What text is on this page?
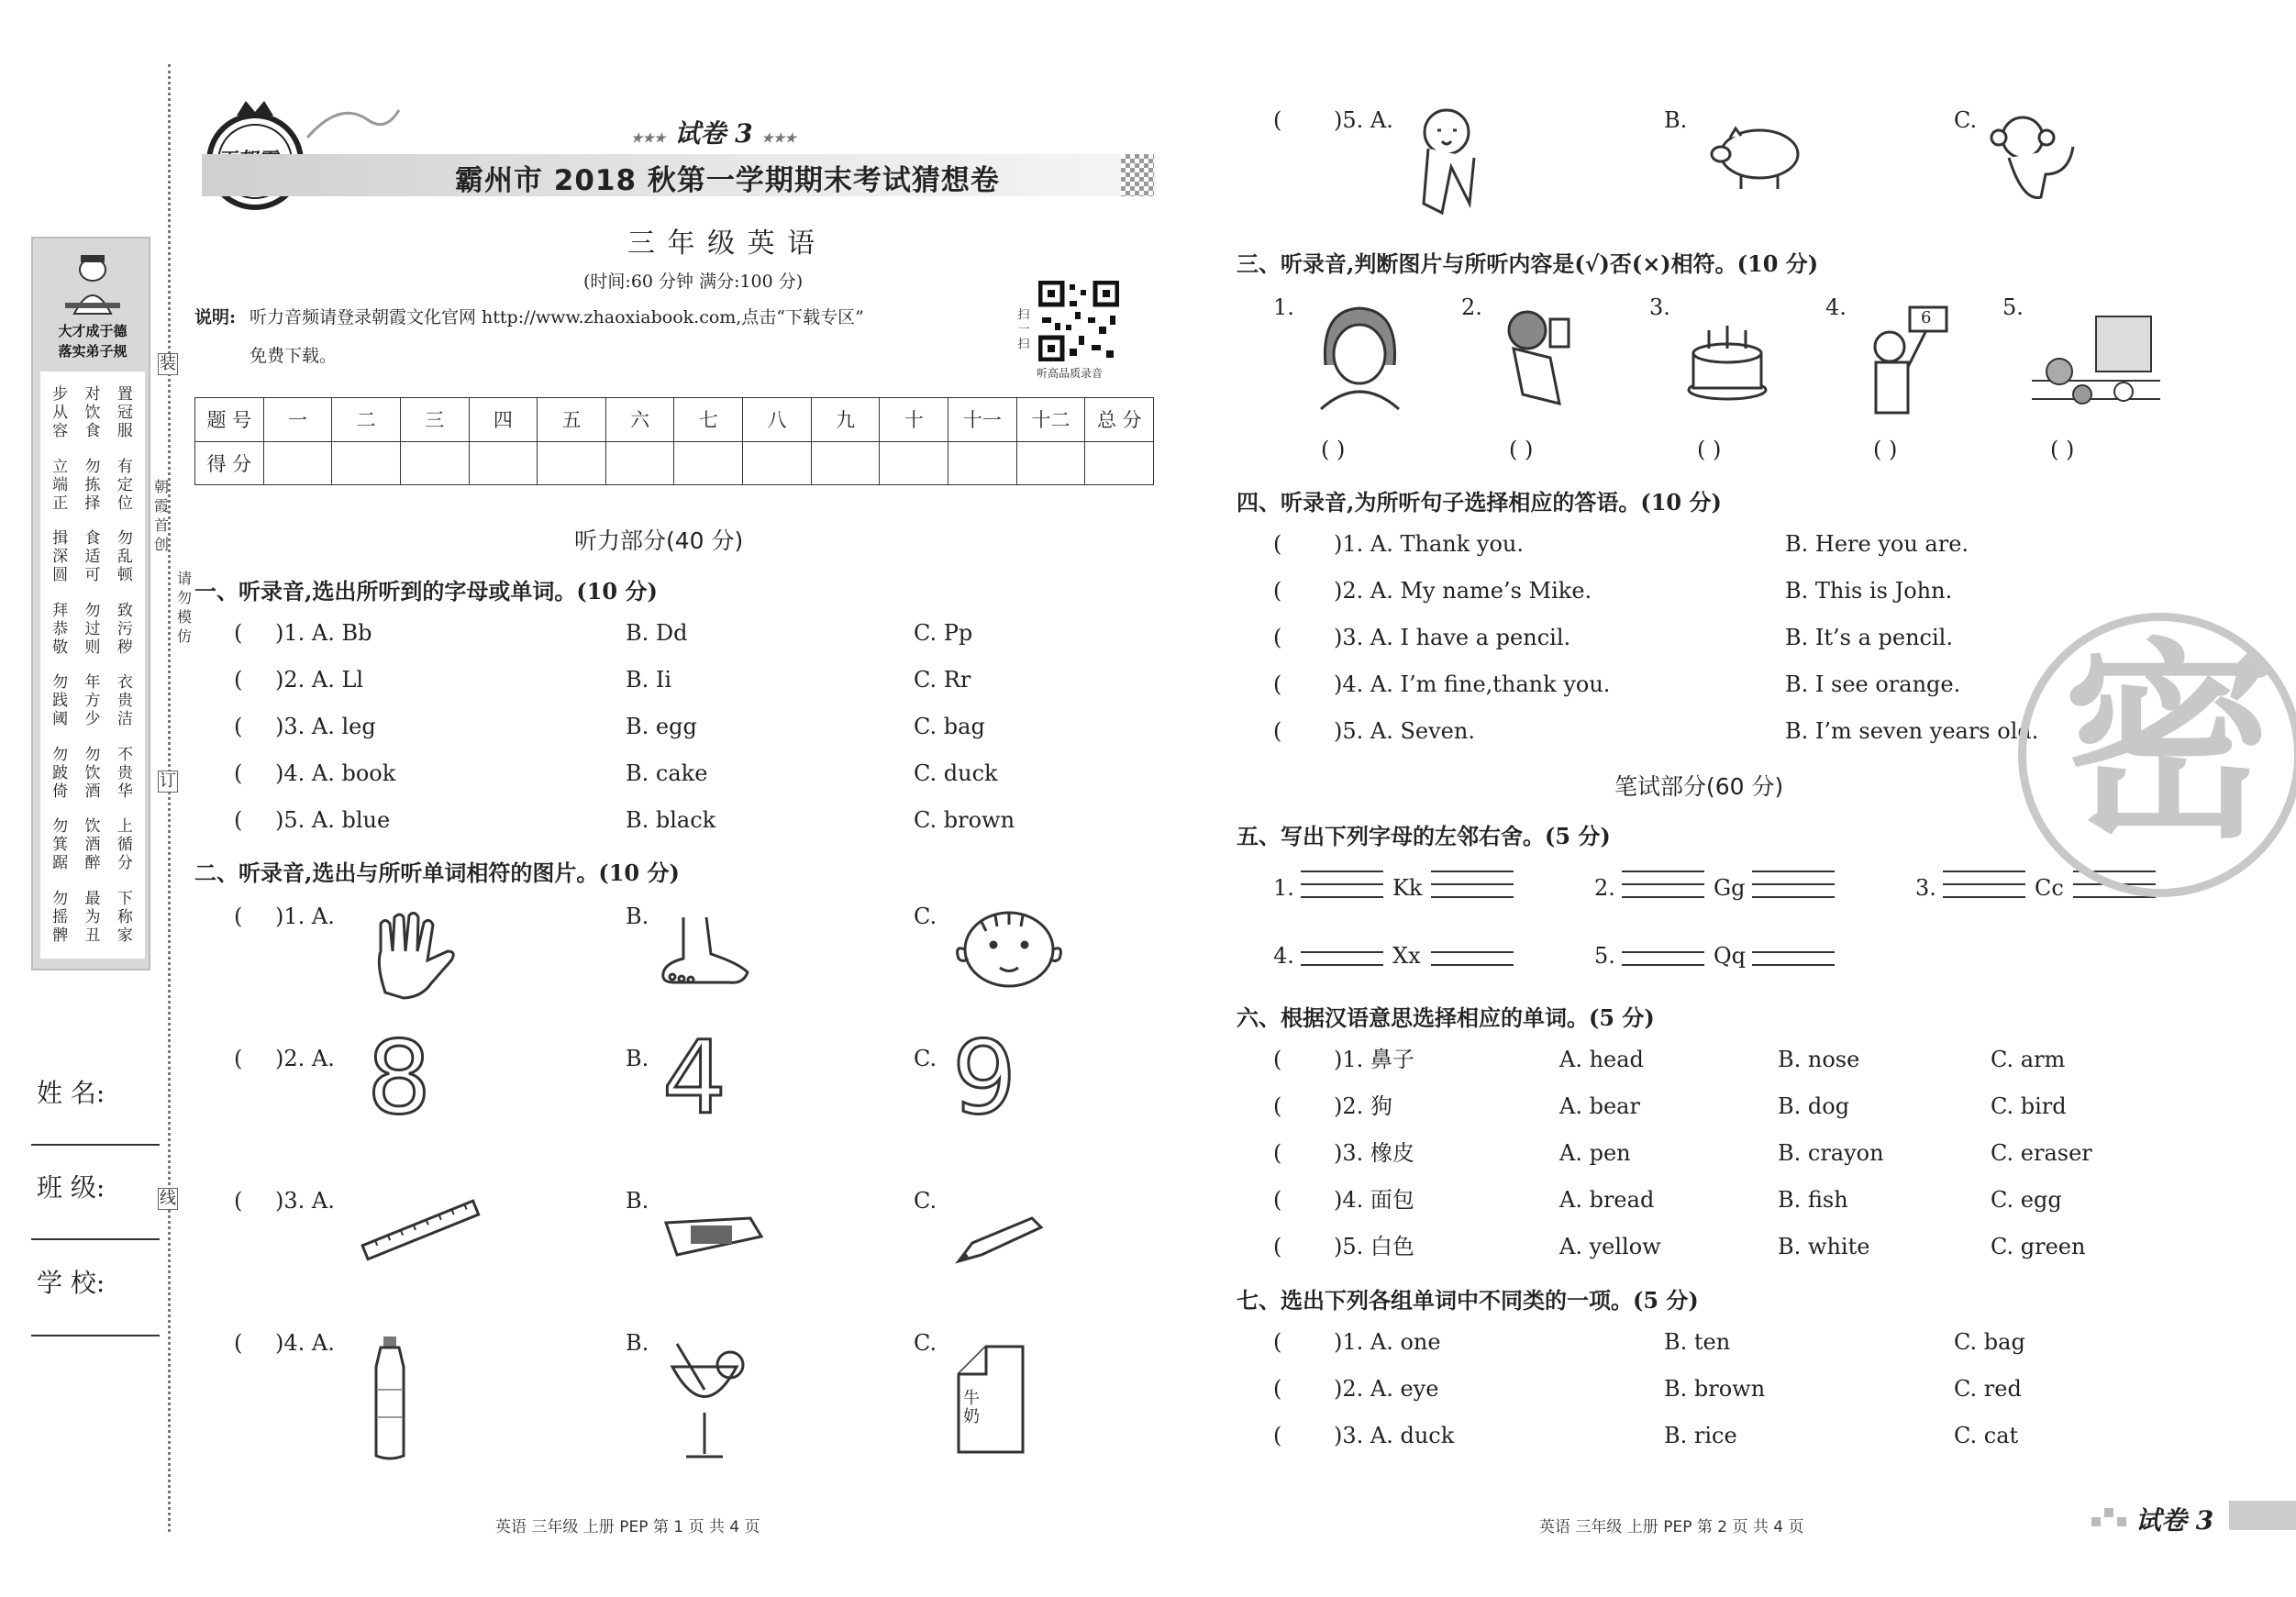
大才成于德
落实弟子规
步从容
对饮食
置冠服
立端正
勿拣择
有定位
揖深圆
食适可
勿乱顿
拜恭敬
勿过则
致污秽
勿践阈
年方少
衣贵洁
勿跛倚
勿饮酒
不贵华
勿箕踞
饮酒醉
上循分
勿摇髀
最为丑
下称家
姓 名:
班 级:
学 校:
装
订
线
朝霞首创
请勿模仿
★★★ 试卷 3 ★★★
霸州市 2018 秋第一学期期末考试猜想卷
三 年 级 英 语
(时间:60 分钟 满分:100 分)
说明: 听力音频请登录朝霞文化官网 http://www.zhaoxiabook.com,点击“下载专区”
免费下载。
扫一扫
听高品质录音
题 号	一	二	三	四	五	六	七	八	九	十	十一	十二	总 分
得 分													
听力部分(40 分)
一、听录音,选出所听到的字母或单词。(10 分)
( )1. A. Bb	B. Dd	C. Pp
( )2. A. Ll	B. Ii	C. Rr
( )3. A. leg	B. egg	C. bag
( )4. A. book	B. cake	C. duck
( )5. A. blue	B. black	C. brown
二、听录音,选出与所听单词相符的图片。(10 分)
( )1. A.	B.	C.
( )2. A.	B.	C.
( )3. A.	B.	C.
( )4. A.	B.	C.
8 4 9
牛奶
英语 三年级 上册 PEP 第 1 页 共 4 页
( )5. A.	B.	C.
三、听录音,判断图片与所听内容是(√)否(×)相符。(10 分)
1.
( )
2.
( )
3.
( )
4.
( )
5.
( )
6
四、听录音,为所听句子选择相应的答语。(10 分)
( )1. A. Thank you.	B. Here you are.
( )2. A. My name’s Mike.	B. This is John.
( )3. A. I have a pencil.	B. It’s a pencil.
( )4. A. I’m fine,thank you.	B. I see orange.
( )5. A. Seven.	B. I’m seven years old.
笔试部分(60 分)
五、写出下列字母的左邻右舍。(5 分)
1.	Kk	2.	Gg	3.	Cc
4.	Xx	5.	Qq
六、根据汉语意思选择相应的单词。(5 分)
( )1. 鼻子	A. head	B. nose	C. arm
( )2. 狗	A. bear	B. dog	C. bird
( )3. 橡皮	A. pen	B. crayon	C. eraser
( )4. 面包	A. bread	B. fish	C. egg
( )5. 白色	A. yellow	B. white	C. green
七、选出下列各组单词中不同类的一项。(5 分)
( )1. A. one	B. ten	C. bag
( )2. A. eye	B. brown	C. red
( )3. A. duck	B. rice	C. cat
密
英语 三年级 上册 PEP 第 2 页 共 4 页	试卷 3
